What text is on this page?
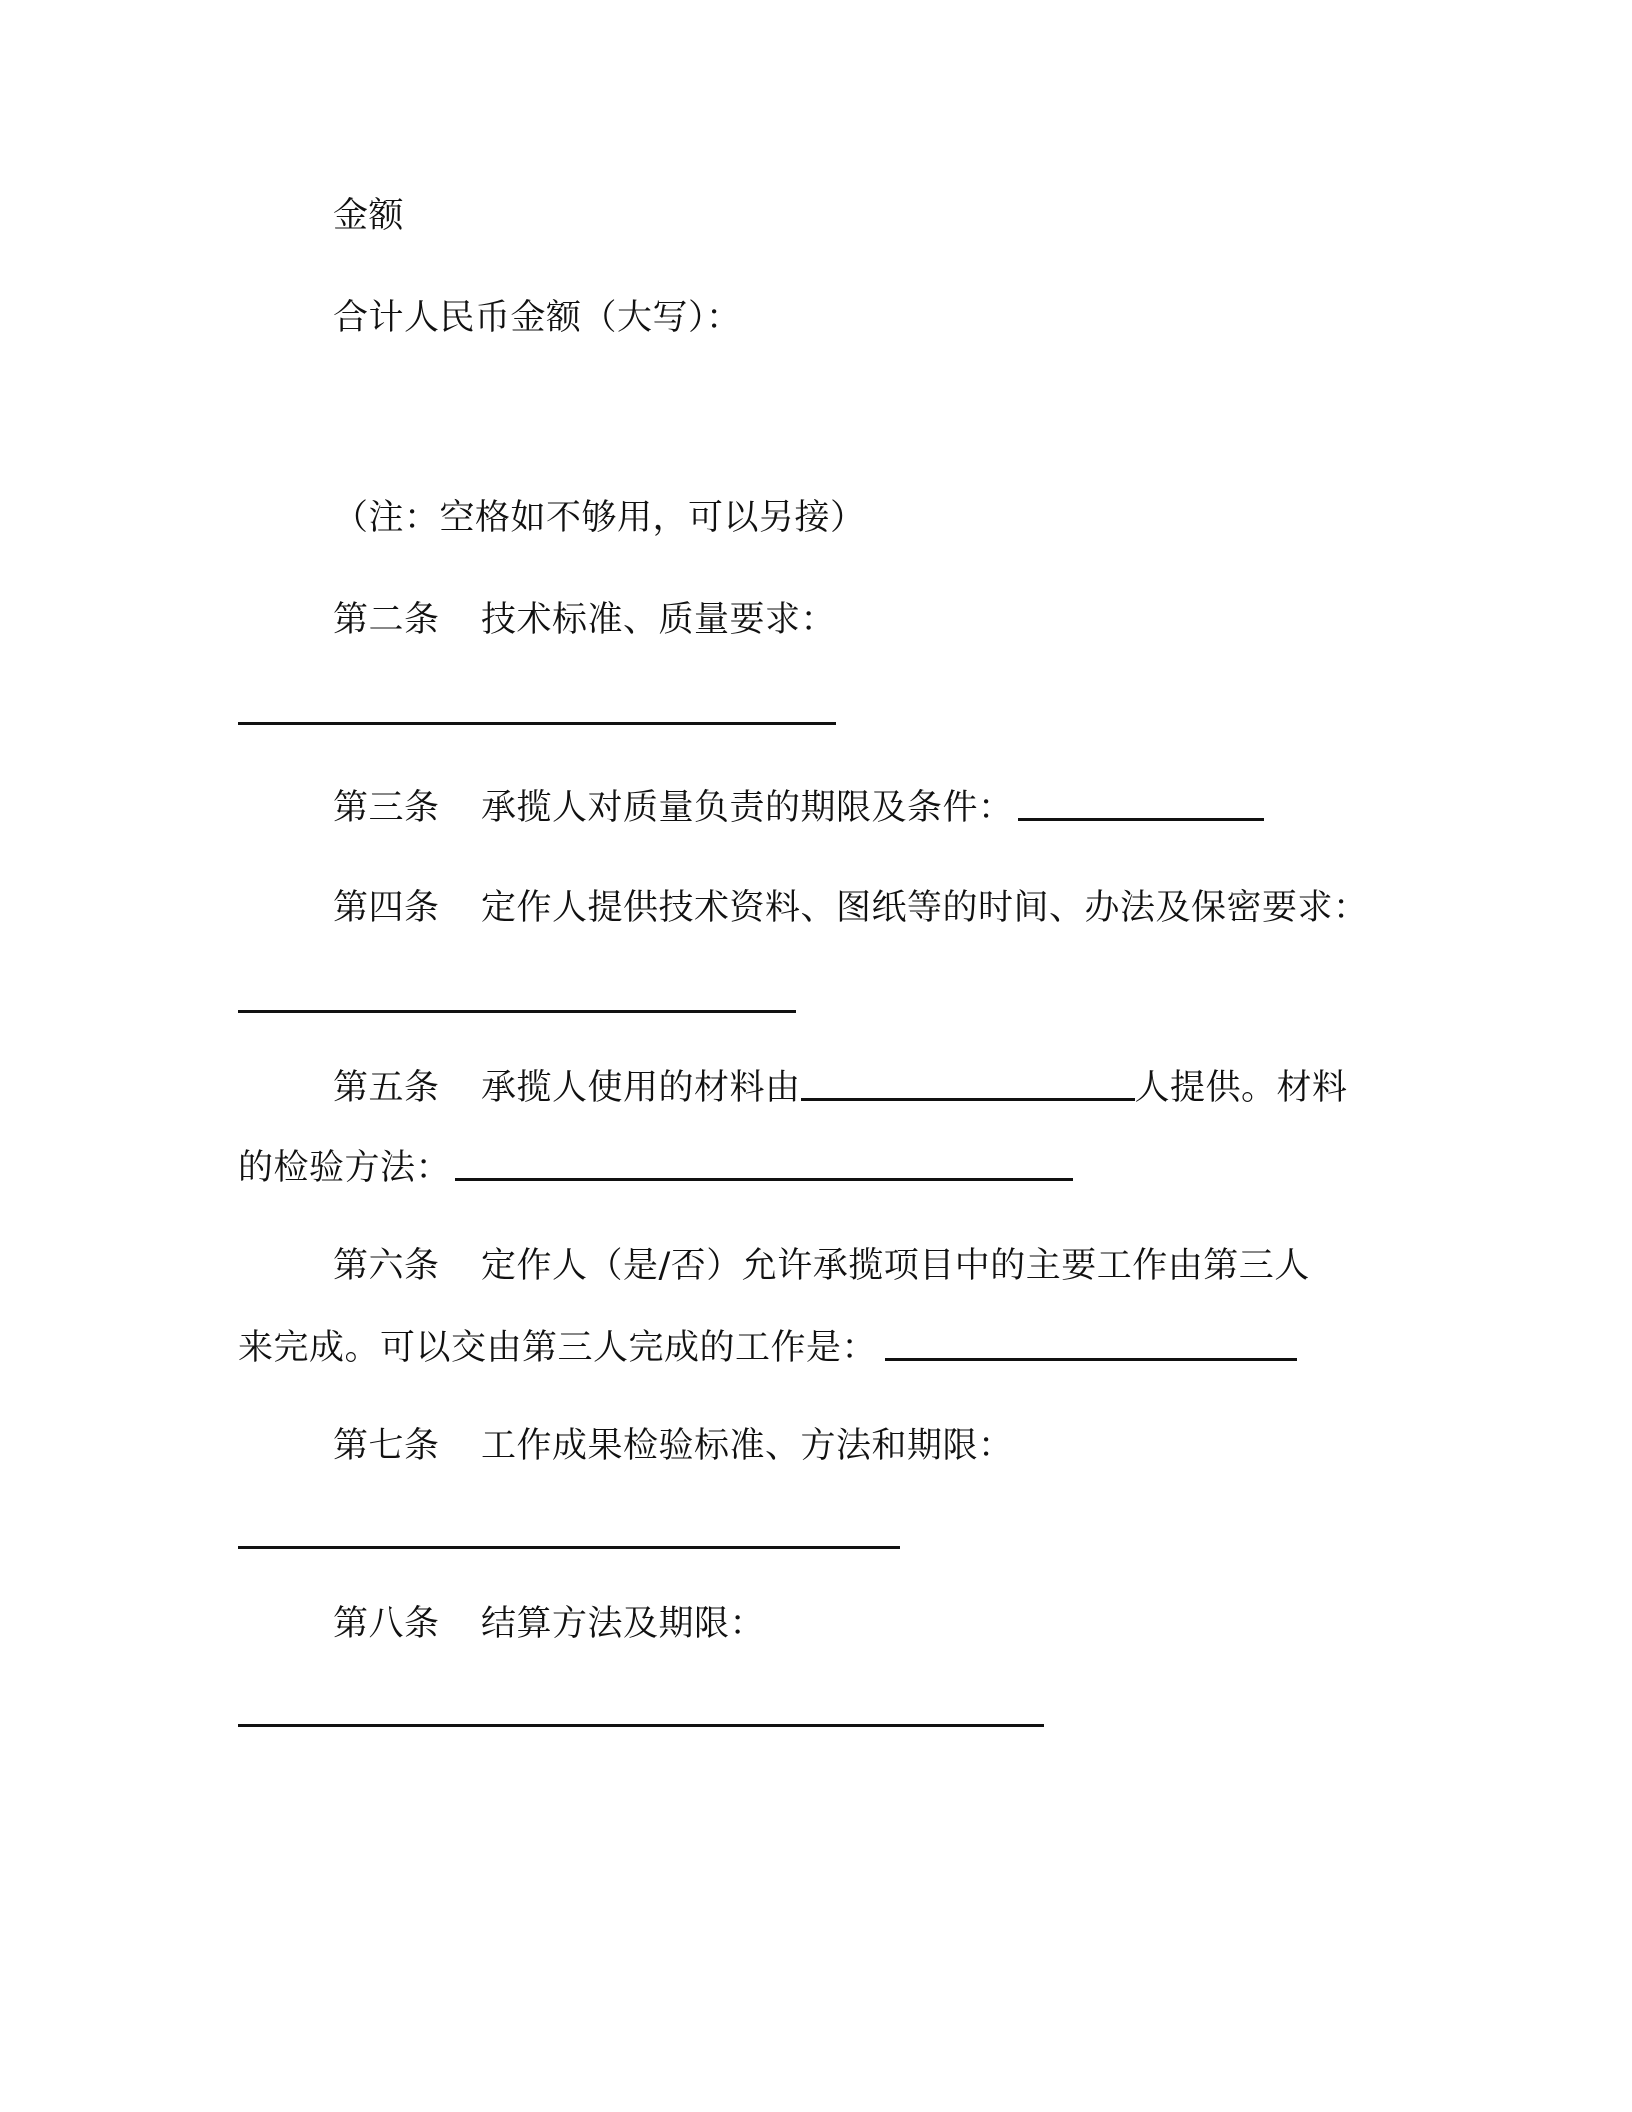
金额
合计人民币金额（大写）：
（注：空格如不够用，可以另接）
第二条 技术标准、质量要求：
第三条 承揽人对质量负责的期限及条件：
第四条 定作人提供技术资料、图纸等的时间、办法及保密要求：
第五条 承揽人使用的材料由	人提供。材料
的检验方法：
第六条 定作人（是/否）允许承揽项目中的主要工作由第三人
来完成。可以交由第三人完成的工作是：
第七条 工作成果检验标准、方法和期限：
第八条 结算方法及期限：
